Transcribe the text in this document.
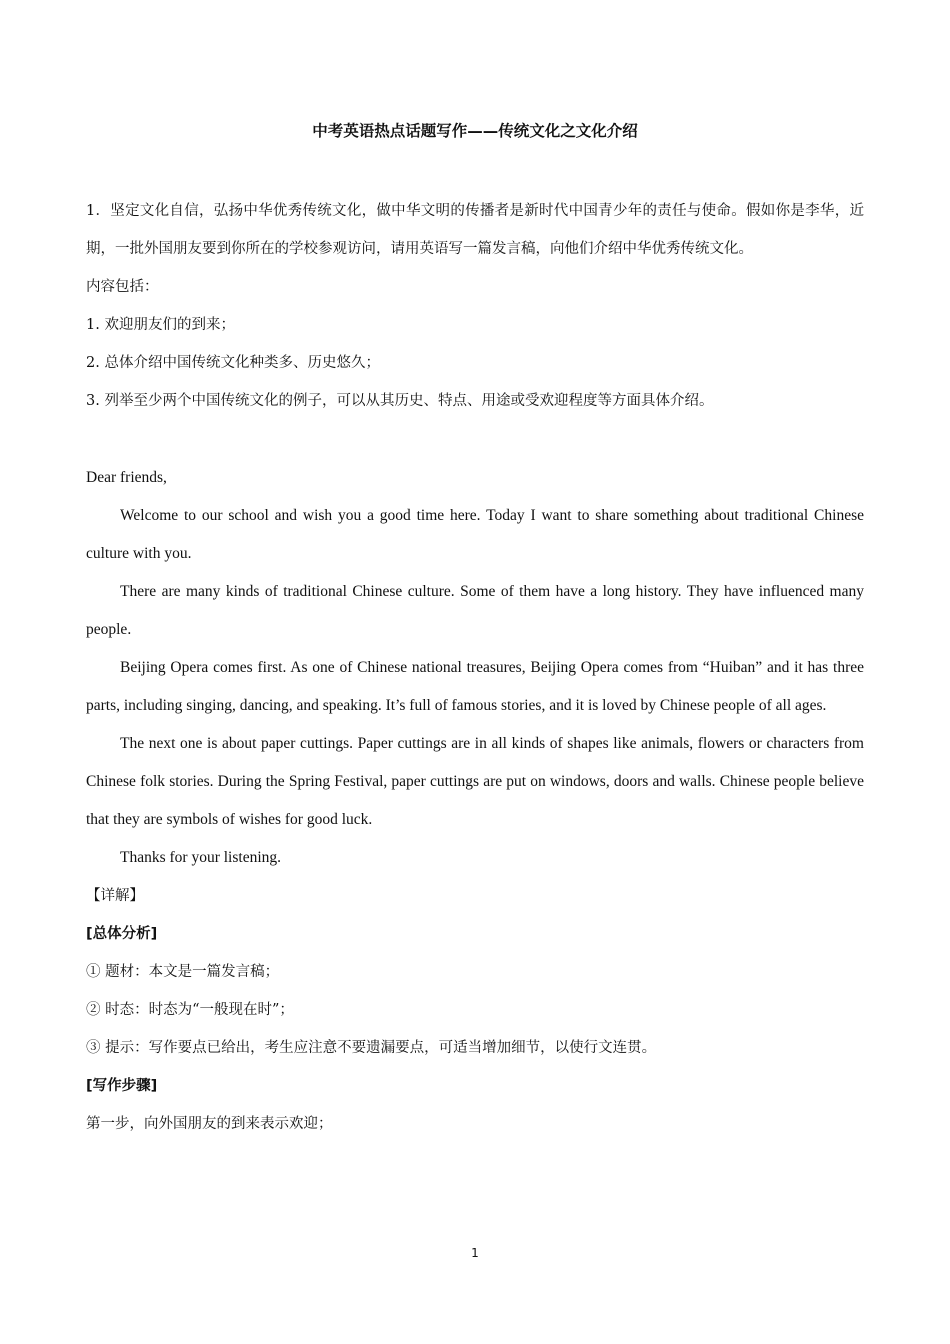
中考英语热点话题写作——传统文化之文化介绍

1．坚定文化自信，弘扬中华优秀传统文化，做中华文明的传播者是新时代中国青少年的责任与使命。假如你是李华，近期，一批外国朋友要到你所在的学校参观访问，请用英语写一篇发言稿，向他们介绍中华优秀传统文化。

内容包括：

1. 欢迎朋友们的到来；

2. 总体介绍中国传统文化种类多、历史悠久；

3. 列举至少两个中国传统文化的例子，可以从其历史、特点、用途或受欢迎程度等方面具体介绍。

Dear friends,

Welcome to our school and wish you a good time here. Today I want to share something about traditional Chinese culture with you.

There are many kinds of traditional Chinese culture. Some of them have a long history. They have influenced many people.

Beijing Opera comes first. As one of Chinese national treasures, Beijing Opera comes from “Huiban” and it has three parts, including singing, dancing, and speaking. It’s full of famous stories, and it is loved by Chinese people of all ages.

The next one is about paper cuttings. Paper cuttings are in all kinds of shapes like animals, flowers or characters from Chinese folk stories. During the Spring Festival, paper cuttings are put on windows, doors and walls. Chinese people believe that they are symbols of wishes for good luck.

Thanks for your listening.

【详解】

[总体分析]

① 题材：本文是一篇发言稿；

② 时态：时态为“一般现在时”；

③ 提示：写作要点已给出，考生应注意不要遗漏要点，可适当增加细节，以使行文连贯。

[写作步骤]

第一步，向外国朋友的到来表示欢迎；

1
